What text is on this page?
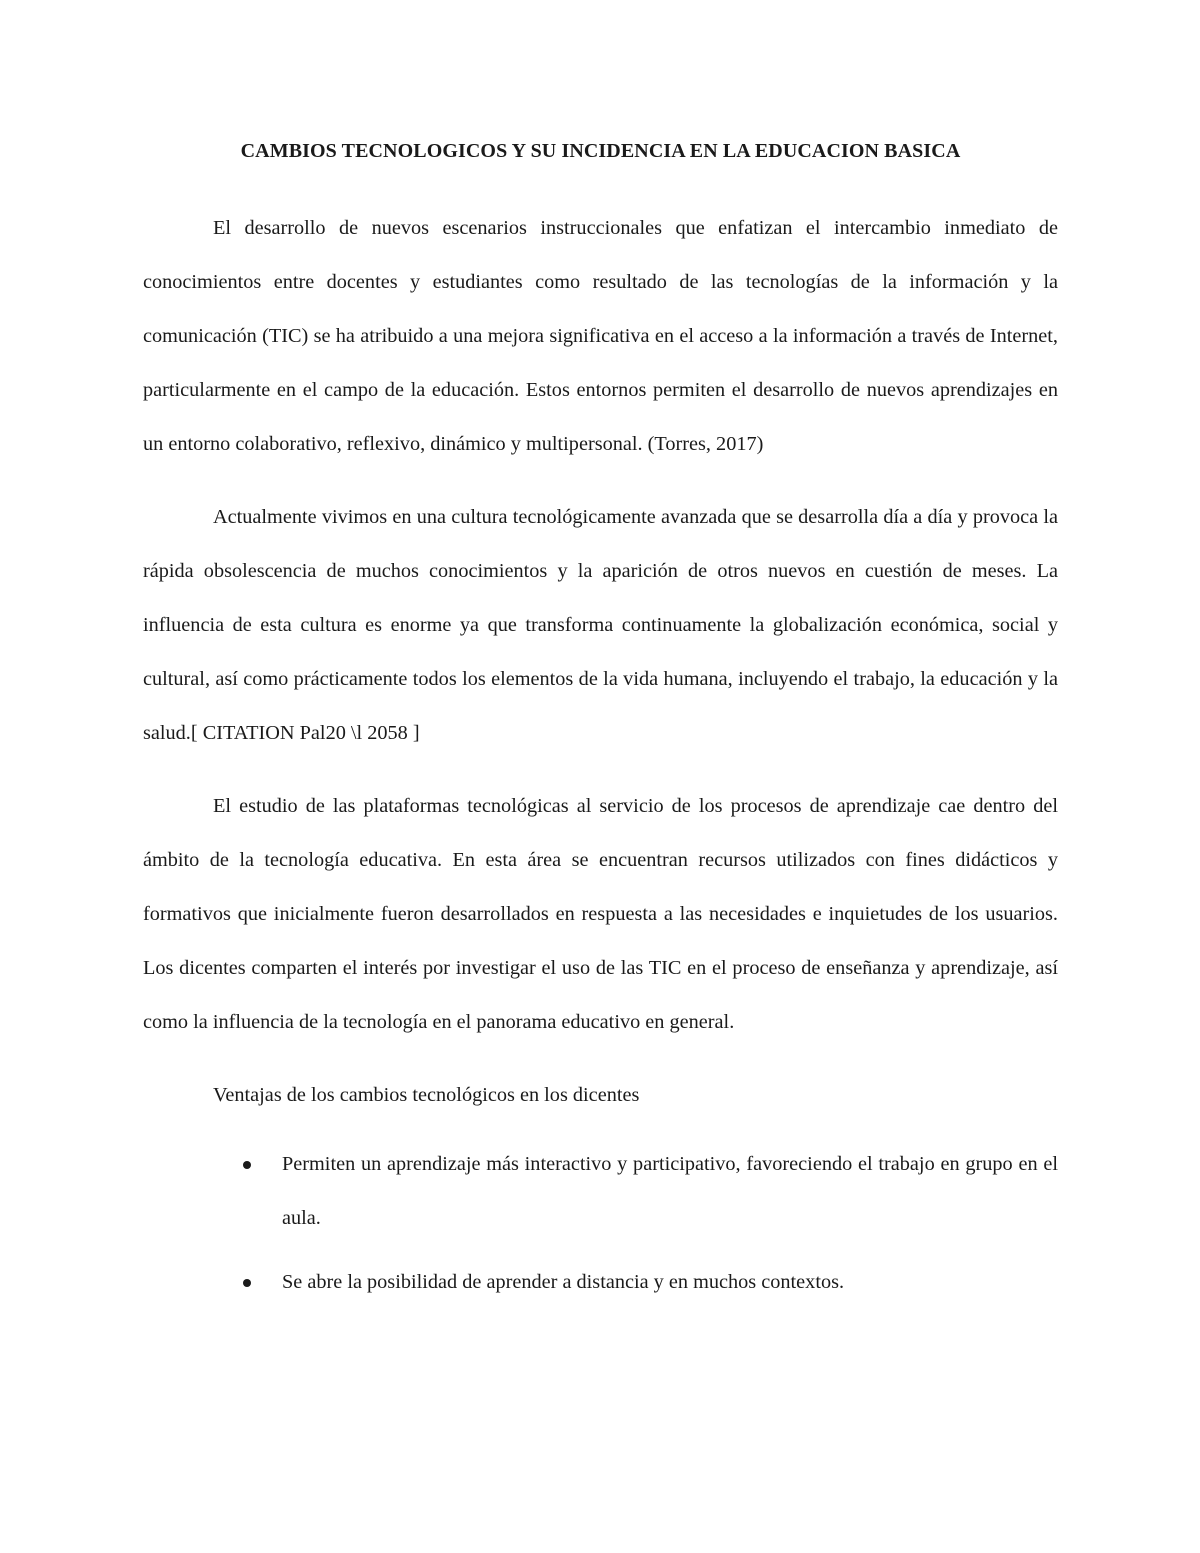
CAMBIOS TECNOLOGICOS Y SU INCIDENCIA EN LA EDUCACION BASICA

El desarrollo de nuevos escenarios instruccionales que enfatizan el intercambio inmediato de conocimientos entre docentes y estudiantes como resultado de las tecnologías de la información y la comunicación (TIC) se ha atribuido a una mejora significativa en el acceso a la información a través de Internet, particularmente en el campo de la educación. Estos entornos permiten el desarrollo de nuevos aprendizajes en un entorno colaborativo, reflexivo, dinámico y multipersonal. (Torres, 2017)

Actualmente vivimos en una cultura tecnológicamente avanzada que se desarrolla día a día y provoca la rápida obsolescencia de muchos conocimientos y la aparición de otros nuevos en cuestión de meses. La influencia de esta cultura es enorme ya que transforma continuamente la globalización económica, social y cultural, así como prácticamente todos los elementos de la vida humana, incluyendo el trabajo, la educación y la salud.[ CITATION Pal20 \l 2058 ]

El estudio de las plataformas tecnológicas al servicio de los procesos de aprendizaje cae dentro del ámbito de la tecnología educativa. En esta área se encuentran recursos utilizados con fines didácticos y formativos que inicialmente fueron desarrollados en respuesta a las necesidades e inquietudes de los usuarios. Los dicentes comparten el interés por investigar el uso de las TIC en el proceso de enseñanza y aprendizaje, así como la influencia de la tecnología en el panorama educativo en general.

Ventajas de los cambios tecnológicos en los dicentes
Permiten un aprendizaje más interactivo y participativo, favoreciendo el trabajo en grupo en el aula.
Se abre la posibilidad de aprender a distancia y en muchos contextos.
